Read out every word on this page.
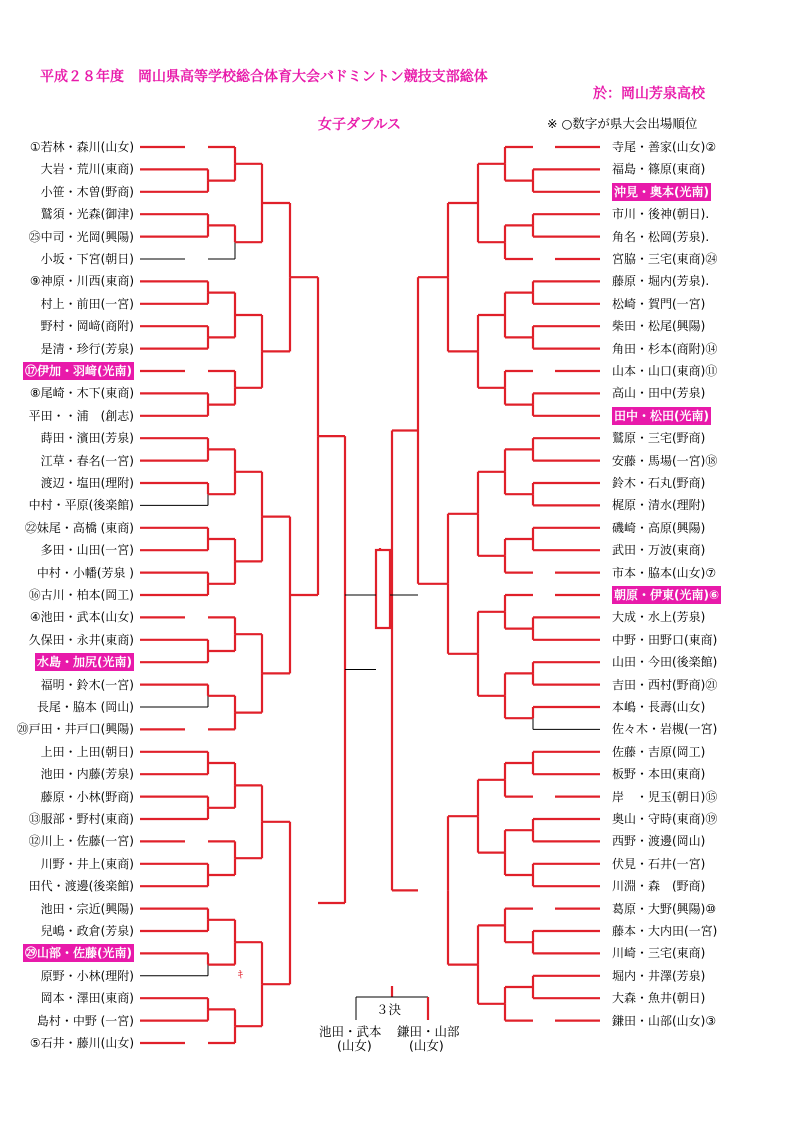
平成２８年度　岡山県高等学校総合体育大会バドミントン競技支部総体
於：岡山芳泉高校
女子ダブルス	※ ○数字が県大会出場順位
①若林・森川(山女)
大岩・荒川(東商)
小笹・木曽(野商)
鷲須・光森(御津)
㉕中司・光岡(興陽)
小坂・下宮(朝日)
⑨神原・川西(東商)
村上・前田(一宮)
野村・岡﨑(商附)
是清・珍行(芳泉)
⑰伊加・羽﨑(光南)
⑧尾崎・木下(東商)
平田・・浦　(創志)
蒔田・濱田(芳泉)
江草・春名(一宮)
渡辺・塩田(理附)
中村・平原(後楽館)
㉒妹尾・高橋 (東商)
多田・山田(一宮)
中村・小幡(芳泉 )
⑯古川・柏本(岡工)
④池田・武本(山女)
久保田・永井(東商)
水島・加尻(光南)
福明・鈴木(一宮)
長尾・脇本 (岡山)
⑳戸田・井戸口(興陽)
上田・上田(朝日)
池田・内藤(芳泉)
藤原・小林(野商)
⑬服部・野村(東商)
⑫川上・佐藤(一宮)
川野・井上(東商)
田代・渡邊(後楽館)
池田・宗近(興陽)
兒嶋・政倉(芳泉)
㉙山部・佐藤(光南)
原野・小林(理附)
岡本・澤田(東商)
島村・中野 (一宮)
⑤石井・藤川(山女)
寺尾・善家(山女)②
福島・篠原(東商)
沖見・奥本(光南)
市川・後神(朝日).
角名・松岡(芳泉).
宮脇・三宅(東商)㉔
藤原・堀内(芳泉).
松崎・賀門(一宮)
柴田・松尾(興陽)
角田・杉本(商附)⑭
山本・山口(東商)⑪
高山・田中(芳泉)
田中・松田(光南)
鷲原・三宅(野商)
安藤・馬場(一宮)⑱
鈴木・石丸(野商)
梶原・清水(理附)
磯崎・高原(興陽)
武田・万波(東商)
市本・脇本(山女)⑦
朝原・伊東(光南)⑥
大成・水上(芳泉)
中野・田野口(東商)
山田・今田(後楽館)
吉田・西村(野商)㉑
本嶋・長壽(山女)
佐々木・岩槻(一宮)
佐藤・吉原(岡工)
板野・本田(東商)
岸　・児玉(朝日)⑮
奥山・守時(東商)⑲
西野・渡邊(岡山)
伏見・石井(一宮)
川淵・森　(野商)
葛原・大野(興陽)⑩
藤本・大内田(一宮)
川崎・三宅(東商)
堀内・井澤(芳泉)
大森・魚井(朝日)
鎌田・山部(山女)③
３決
池田・武本
(山女)
鎌田・山部
(山女)
ｷ
